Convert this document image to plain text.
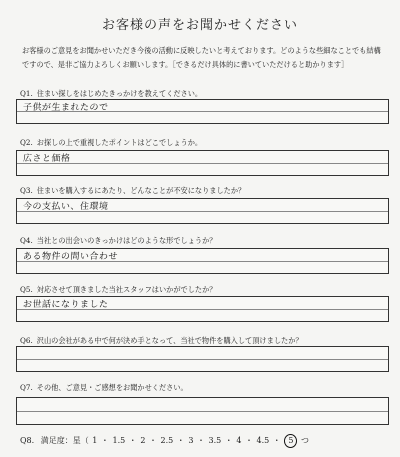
お客様の声をお聞かせください
お客様のご意見をお聞かせいただき今後の活動に反映したいと考えております。どのような些細なことでも結構ですので、是非ご協力よろしくお願いします。［できるだけ具体的に書いていただけると助かります］
Q1. 住まい探しをはじめたきっかけを教えてください。
子供が生まれたので
Q2. お探しの上で重視したポイントはどこでしょうか。
広さと価格
Q3. 住まいを購入するにあたり、どんなことが不安になりましたか？
今の支払い、住環境
Q4. 当社との出会いのきっかけはどのような形でしょうか？
ある物件の問い合わせ
Q5. 対応させて頂きました当社スタッフはいかがでしたか？
お世話になりました
Q6. 沢山の会社がある中で何が決め手となって、当社で物件を購入して頂けましたか？
Q7. その他、ご意見・ご感想をお聞かせください。
Q8. 満足度：星（ 1 ・ 1.5 ・ 2 ・ 2.5 ・ 3 ・ 3.5 ・ 4 ・ 4.5 ・ 5 つ
